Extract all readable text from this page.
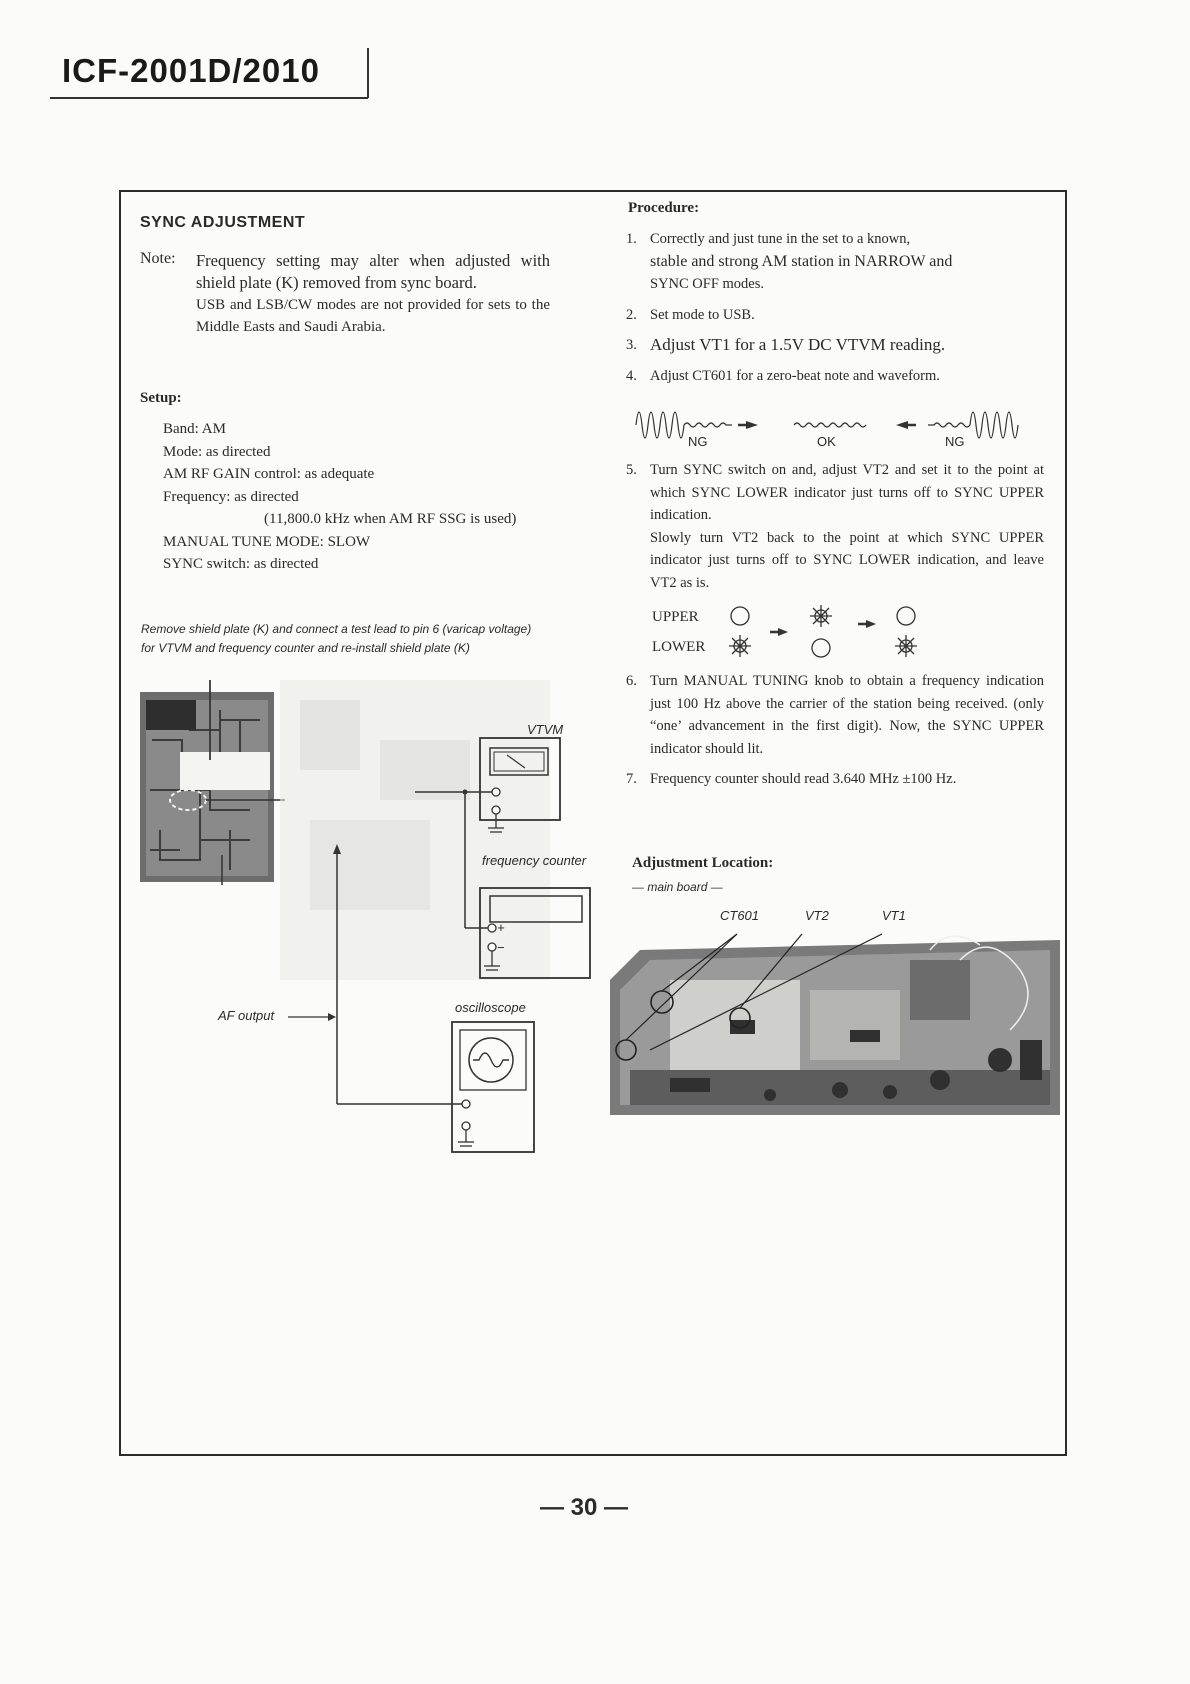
ICF-2001D/2010
SYNC ADJUSTMENT
Note: Frequency setting may alter when adjusted with shield plate (K) removed from sync board.

USB and LSB/CW modes are not provided for sets to the Middle Easts and Saudi Arabia.

Setup:
Band: AM
Mode: as directed
AM RF GAIN control: as adequate
Frequency: as directed
(11,800.0 kHz when AM RF SSG is used)
MANUAL TUNE MODE: SLOW
SYNC switch: as directed
Remove shield plate (K) and connect a test lead to pin 6 (varicap voltage) for VTVM and frequency counter and re-install shield plate (K)
VTVM
frequency counter
+
−
oscilloscope
AF output
Procedure:
1. Correctly and just tune in the set to a known,

stable and strong AM station in NARROW and

SYNC OFF modes.

2. Set mode to USB.

3. Adjust VT1 for a 1.5V DC VTVM reading.

4. Adjust CT601 for a zero-beat note and waveform.

NG	OK	NG
5. Turn SYNC switch on and, adjust VT2 and set it to the point at which SYNC LOWER indicator just turns off to SYNC UPPER indication.

Slowly turn VT2 back to the point at which SYNC UPPER indicator just turns off to SYNC LOWER indication, and leave VT2 as is.

UPPER
LOWER
6. Turn MANUAL TUNING knob to obtain a frequency indication just 100 Hz above the carrier of the station being received. (only “one’ advancement in the first digit). Now, the SYNC UPPER indicator should lit.

7. Frequency counter should read 3.640 MHz ±100 Hz.

Adjustment Location:
— main board —
CT601	VT2	VT1
— 30 —
